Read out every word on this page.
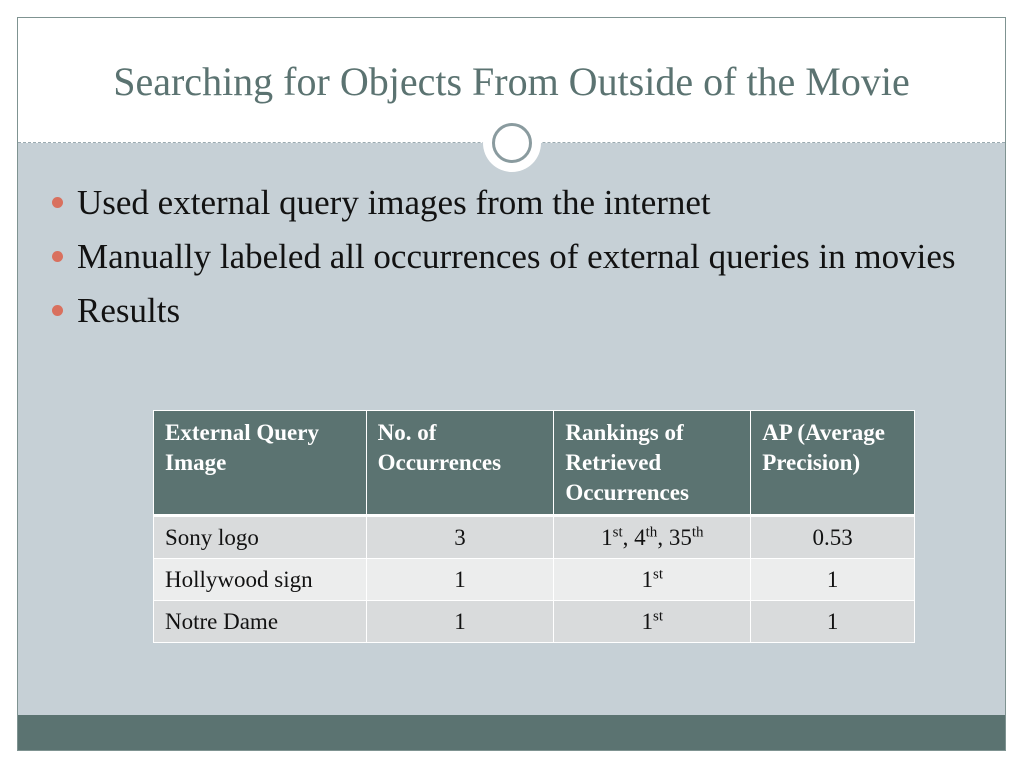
Searching for Objects From Outside of the Movie
Used external query images from the internet
Manually labeled all occurrences of external queries in movies
Results
External Query Image	No. of Occurrences	Rankings of Retrieved Occurrences	AP (Average Precision)
Sony logo	3	1st, 4th, 35th	0.53
Hollywood sign	1	1st	1
Notre Dame	1	1st	1
